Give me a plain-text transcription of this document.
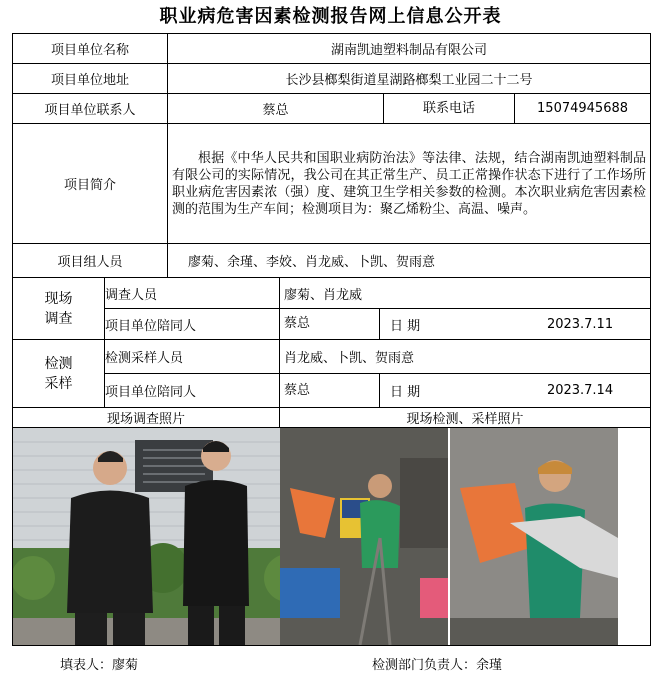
职业病危害因素检测报告网上信息公开表
项目单位名称		湖南凯迪塑料制品有限公司		
项目单位地址		长沙县榔梨街道星湖路榔梨工业园二十二号		
项目单位联系人		蔡总		联系电话 15074945688

项目简介		根据《中华人民共和国职业病防治法》等法律、法规，结合湖南凯迪塑料制品有限公司的实际情况，我公司在其正常生产、员工正常操作状态下进行了工作场所职业病危害因素浓（强）度、建筑卫生学相关参数的检测。本次职业病危害因素检测的范围为生产车间；检测项目为：聚乙烯粉尘、高温、噪声。		
项目组人员		廖菊、余瑾、李姣、肖龙威、卜凯、贺雨意		

现场调查	调查人员		廖菊、肖龙威	
	项目单位陪同人		蔡总 日 期 2023.7.11	

检测采样	检测采样人员		肖龙威、卜凯、贺雨意	
	项目单位陪同人		蔡总 日 期 2023.7.14	

现场调查照片			现场检测、采样照片	

填表人：廖菊	检测部门负责人：余瑾
